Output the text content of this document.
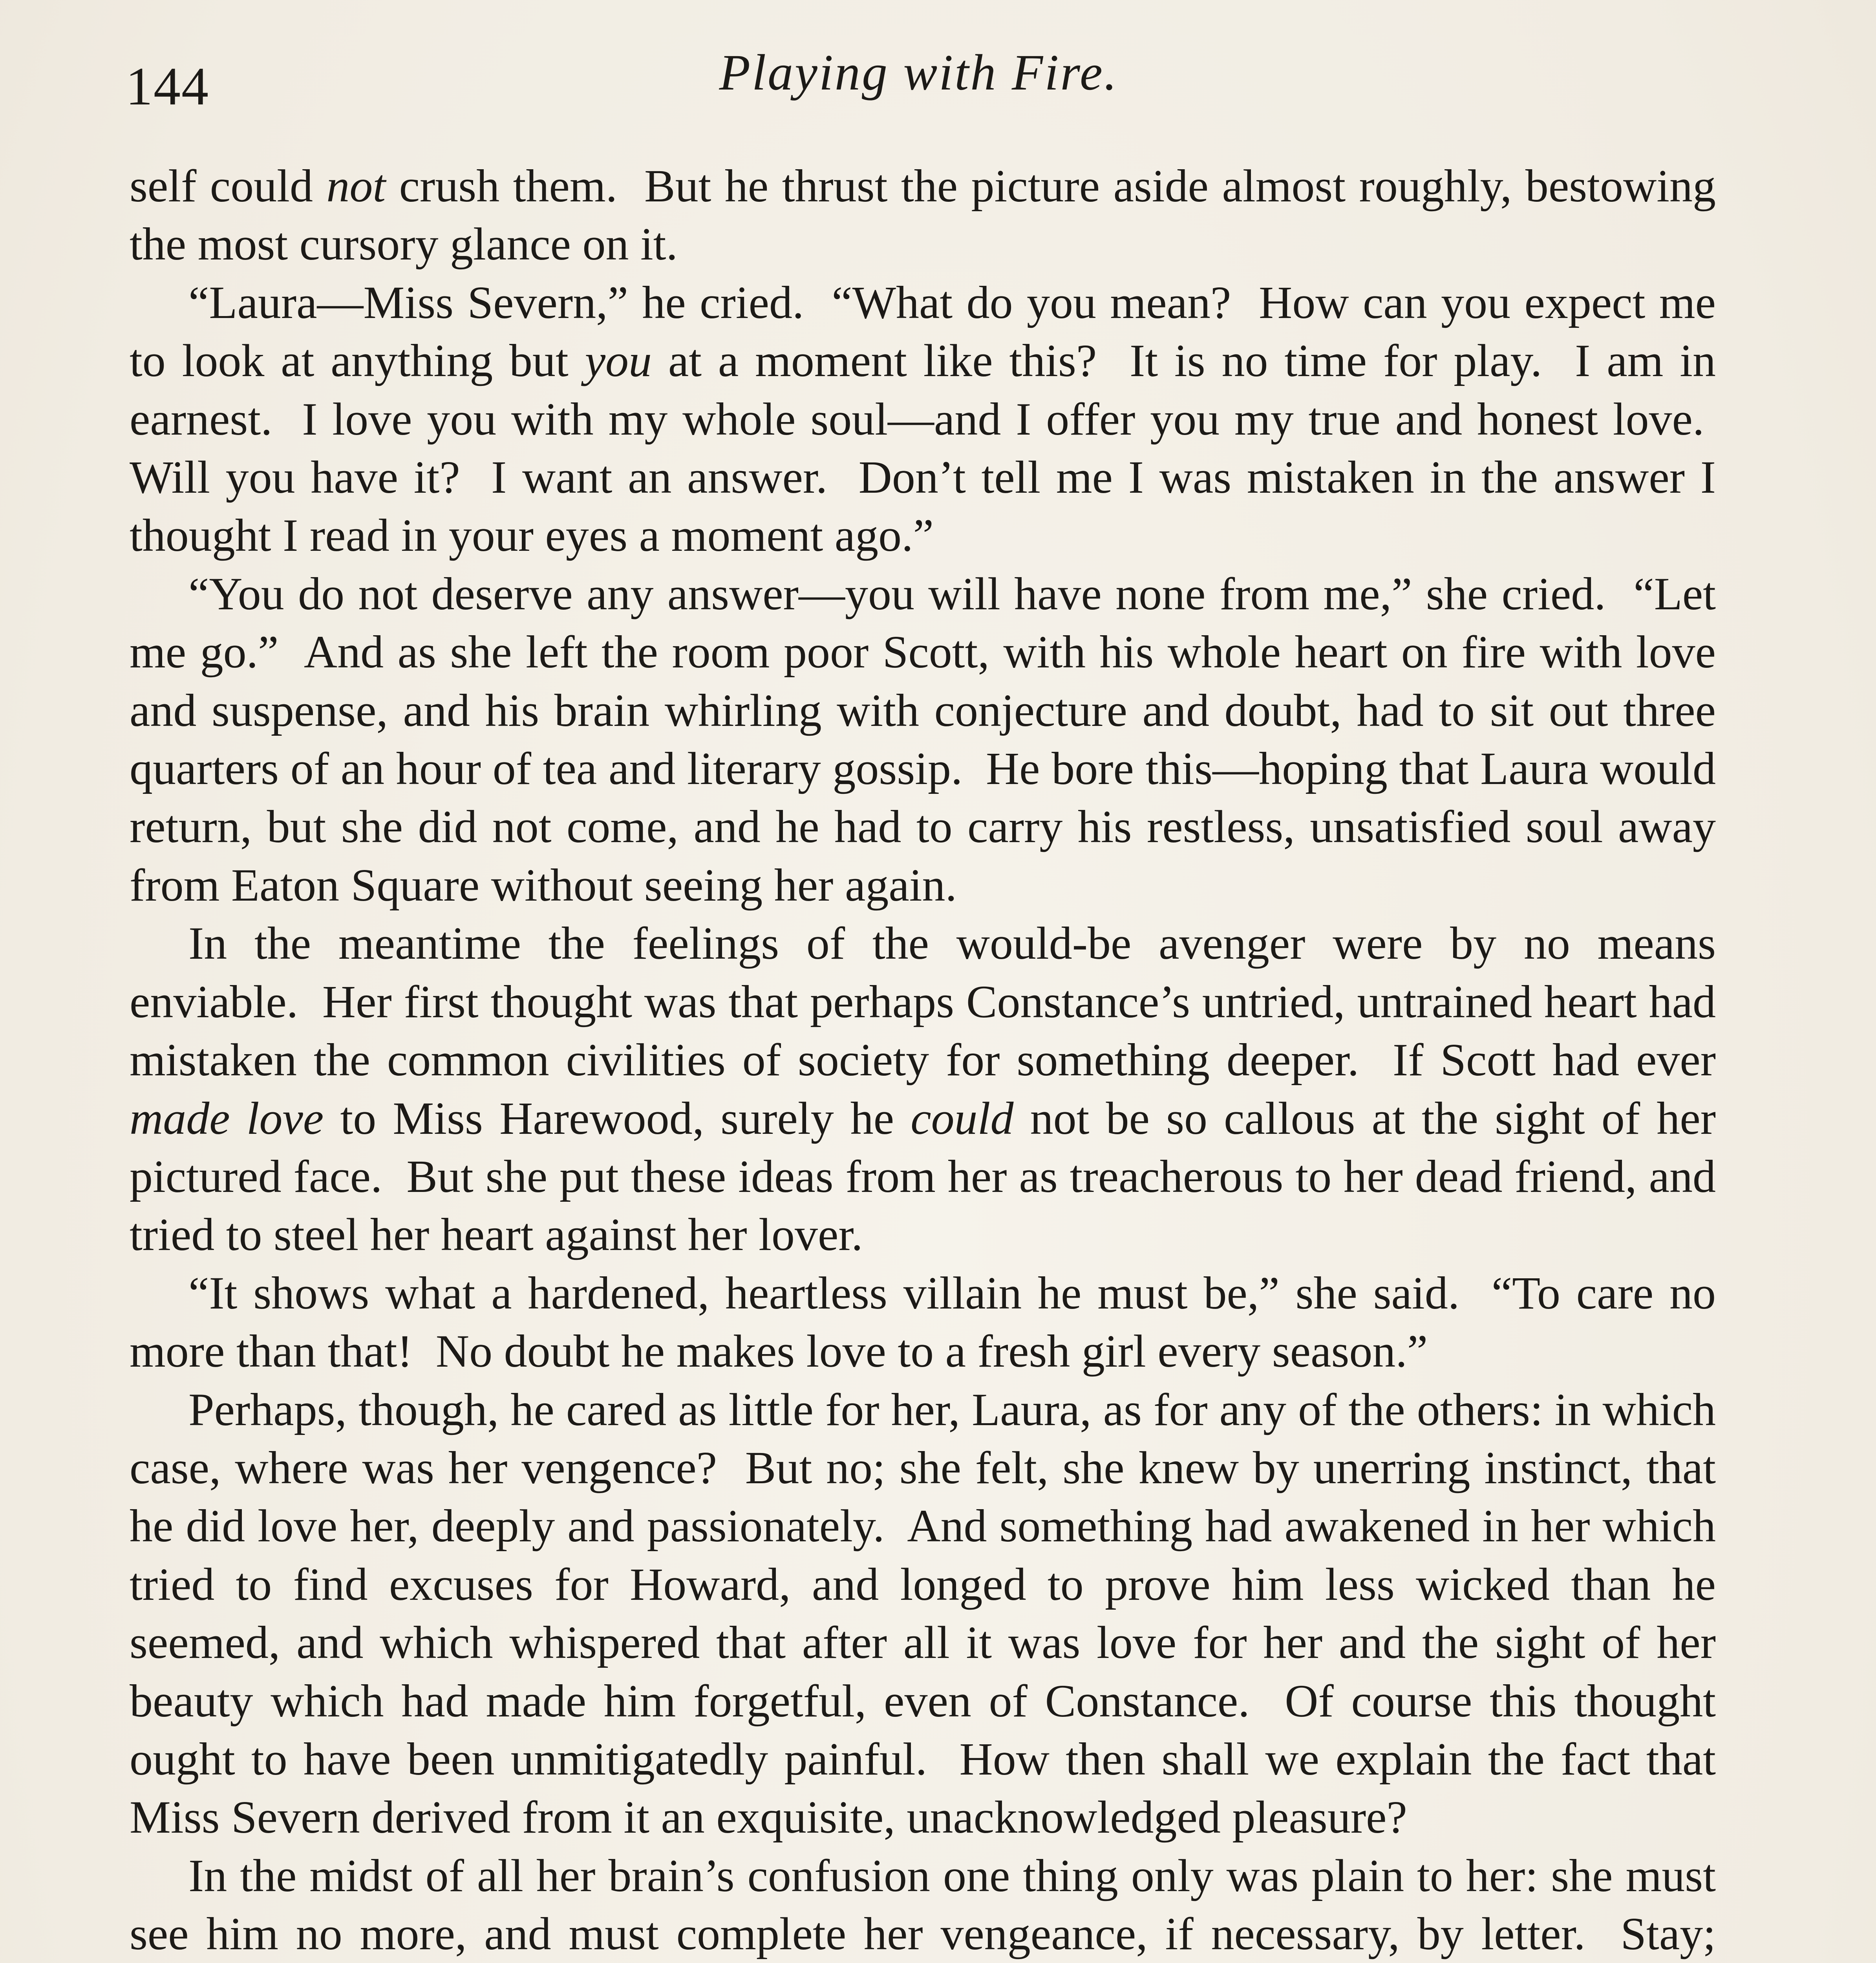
144	Playing with Fire.

self could not crush them.  But he thrust the picture aside almost roughly, bestowing the most cursory glance on it.

“Laura—Miss Severn,” he cried.  “What do you mean?  How can you expect me to look at anything but you at a moment like this?  It is no time for play.  I am in earnest.  I love you with my whole soul—and I offer you my true and honest love.  Will you have it?  I want an answer.  Don’t tell me I was mistaken in the answer I thought I read in your eyes a moment ago.”

“You do not deserve any answer—you will have none from me,” she cried.  “Let me go.”  And as she left the room poor Scott, with his whole heart on fire with love and suspense, and his brain whirling with conjecture and doubt, had to sit out three quarters of an hour of tea and literary gossip.  He bore this—hoping that Laura would return, but she did not come, and he had to carry his restless, unsatisfied soul away from Eaton Square without seeing her again.

In the meantime the feelings of the would-be avenger were by no means enviable.  Her first thought was that perhaps Constance’s untried, untrained heart had mistaken the common civilities of society for something deeper.  If Scott had ever made love to Miss Harewood, surely he could not be so callous at the sight of her pictured face.  But she put these ideas from her as treacherous to her dead friend, and tried to steel her heart against her lover.

“It shows what a hardened, heartless villain he must be,” she said.  “To care no more than that!  No doubt he makes love to a fresh girl every season.”

Perhaps, though, he cared as little for her, Laura, as for any of the others: in which case, where was her vengence?  But no; she felt, she knew by unerring instinct, that he did love her, deeply and passionately.  And something had awakened in her which tried to find excuses for Howard, and longed to prove him less wicked than he seemed, and which whispered that after all it was love for her and the sight of her beauty which had made him forgetful, even of Constance.  Of course this thought ought to have been unmitigatedly painful.  How then shall we explain the fact that Miss Severn derived from it an exquisite, unacknowledged pleasure?

In the midst of all her brain’s confusion one thing only was plain to her: she must see him no more, and must complete her vengeance, if necessary, by letter.  Stay;
